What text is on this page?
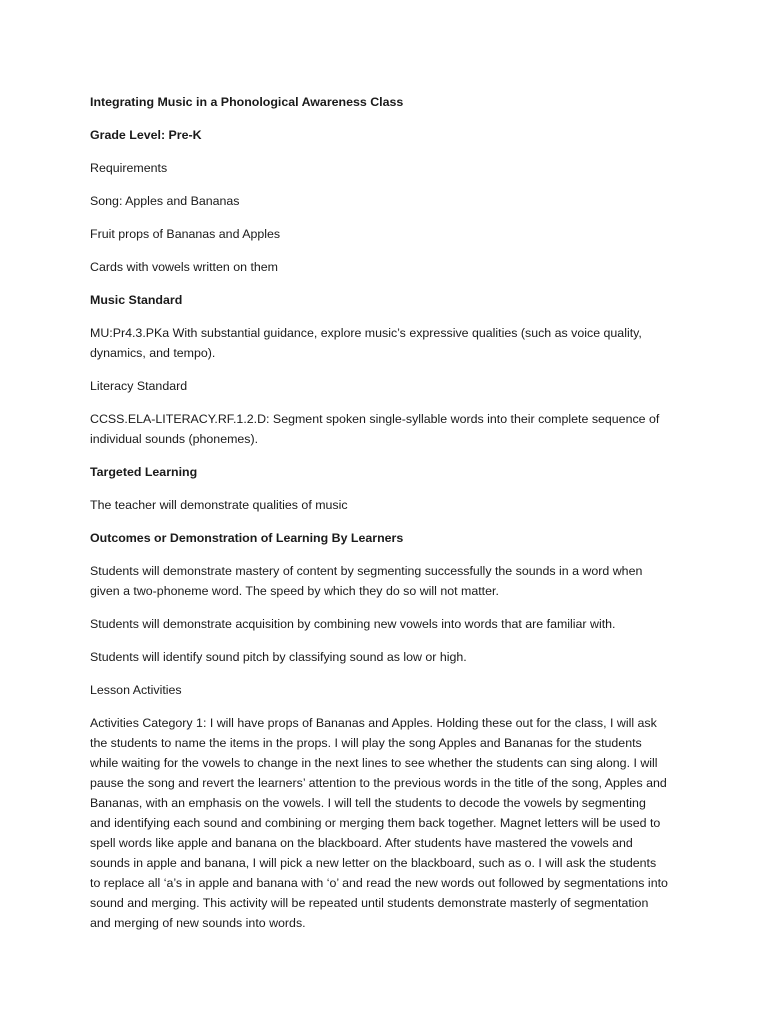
Integrating Music in a Phonological Awareness Class

Grade Level: Pre-K

Requirements

Song: Apples and Bananas

Fruit props of Bananas and Apples

Cards with vowels written on them

Music Standard

MU:Pr4.3.PKa With substantial guidance, explore music’s expressive qualities (such as voice quality, dynamics, and tempo).

Literacy Standard

CCSS.ELA-LITERACY.RF.1.2.D: Segment spoken single-syllable words into their complete sequence of individual sounds (phonemes).

Targeted Learning

The teacher will demonstrate qualities of music

Outcomes or Demonstration of Learning By Learners

Students will demonstrate mastery of content by segmenting successfully the sounds in a word when given a two-phoneme word. The speed by which they do so will not matter.

Students will demonstrate acquisition by combining new vowels into words that are familiar with.

Students will identify sound pitch by classifying sound as low or high.

Lesson Activities

Activities Category 1: I will have props of Bananas and Apples. Holding these out for the class, I will ask the students to name the items in the props. I will play the song Apples and Bananas for the students while waiting for the vowels to change in the next lines to see whether the students can sing along. I will pause the song and revert the learners’ attention to the previous words in the title of the song, Apples and Bananas, with an emphasis on the vowels. I will tell the students to decode the vowels by segmenting and identifying each sound and combining or merging them back together. Magnet letters will be used to spell words like apple and banana on the blackboard. After students have mastered the vowels and sounds in apple and banana, I will pick a new letter on the blackboard, such as o. I will ask the students to replace all ‘a’s in apple and banana with ‘o’ and read the new words out followed by segmentations into sound and merging. This activity will be repeated until students demonstrate masterly of segmentation and merging of new sounds into words.
